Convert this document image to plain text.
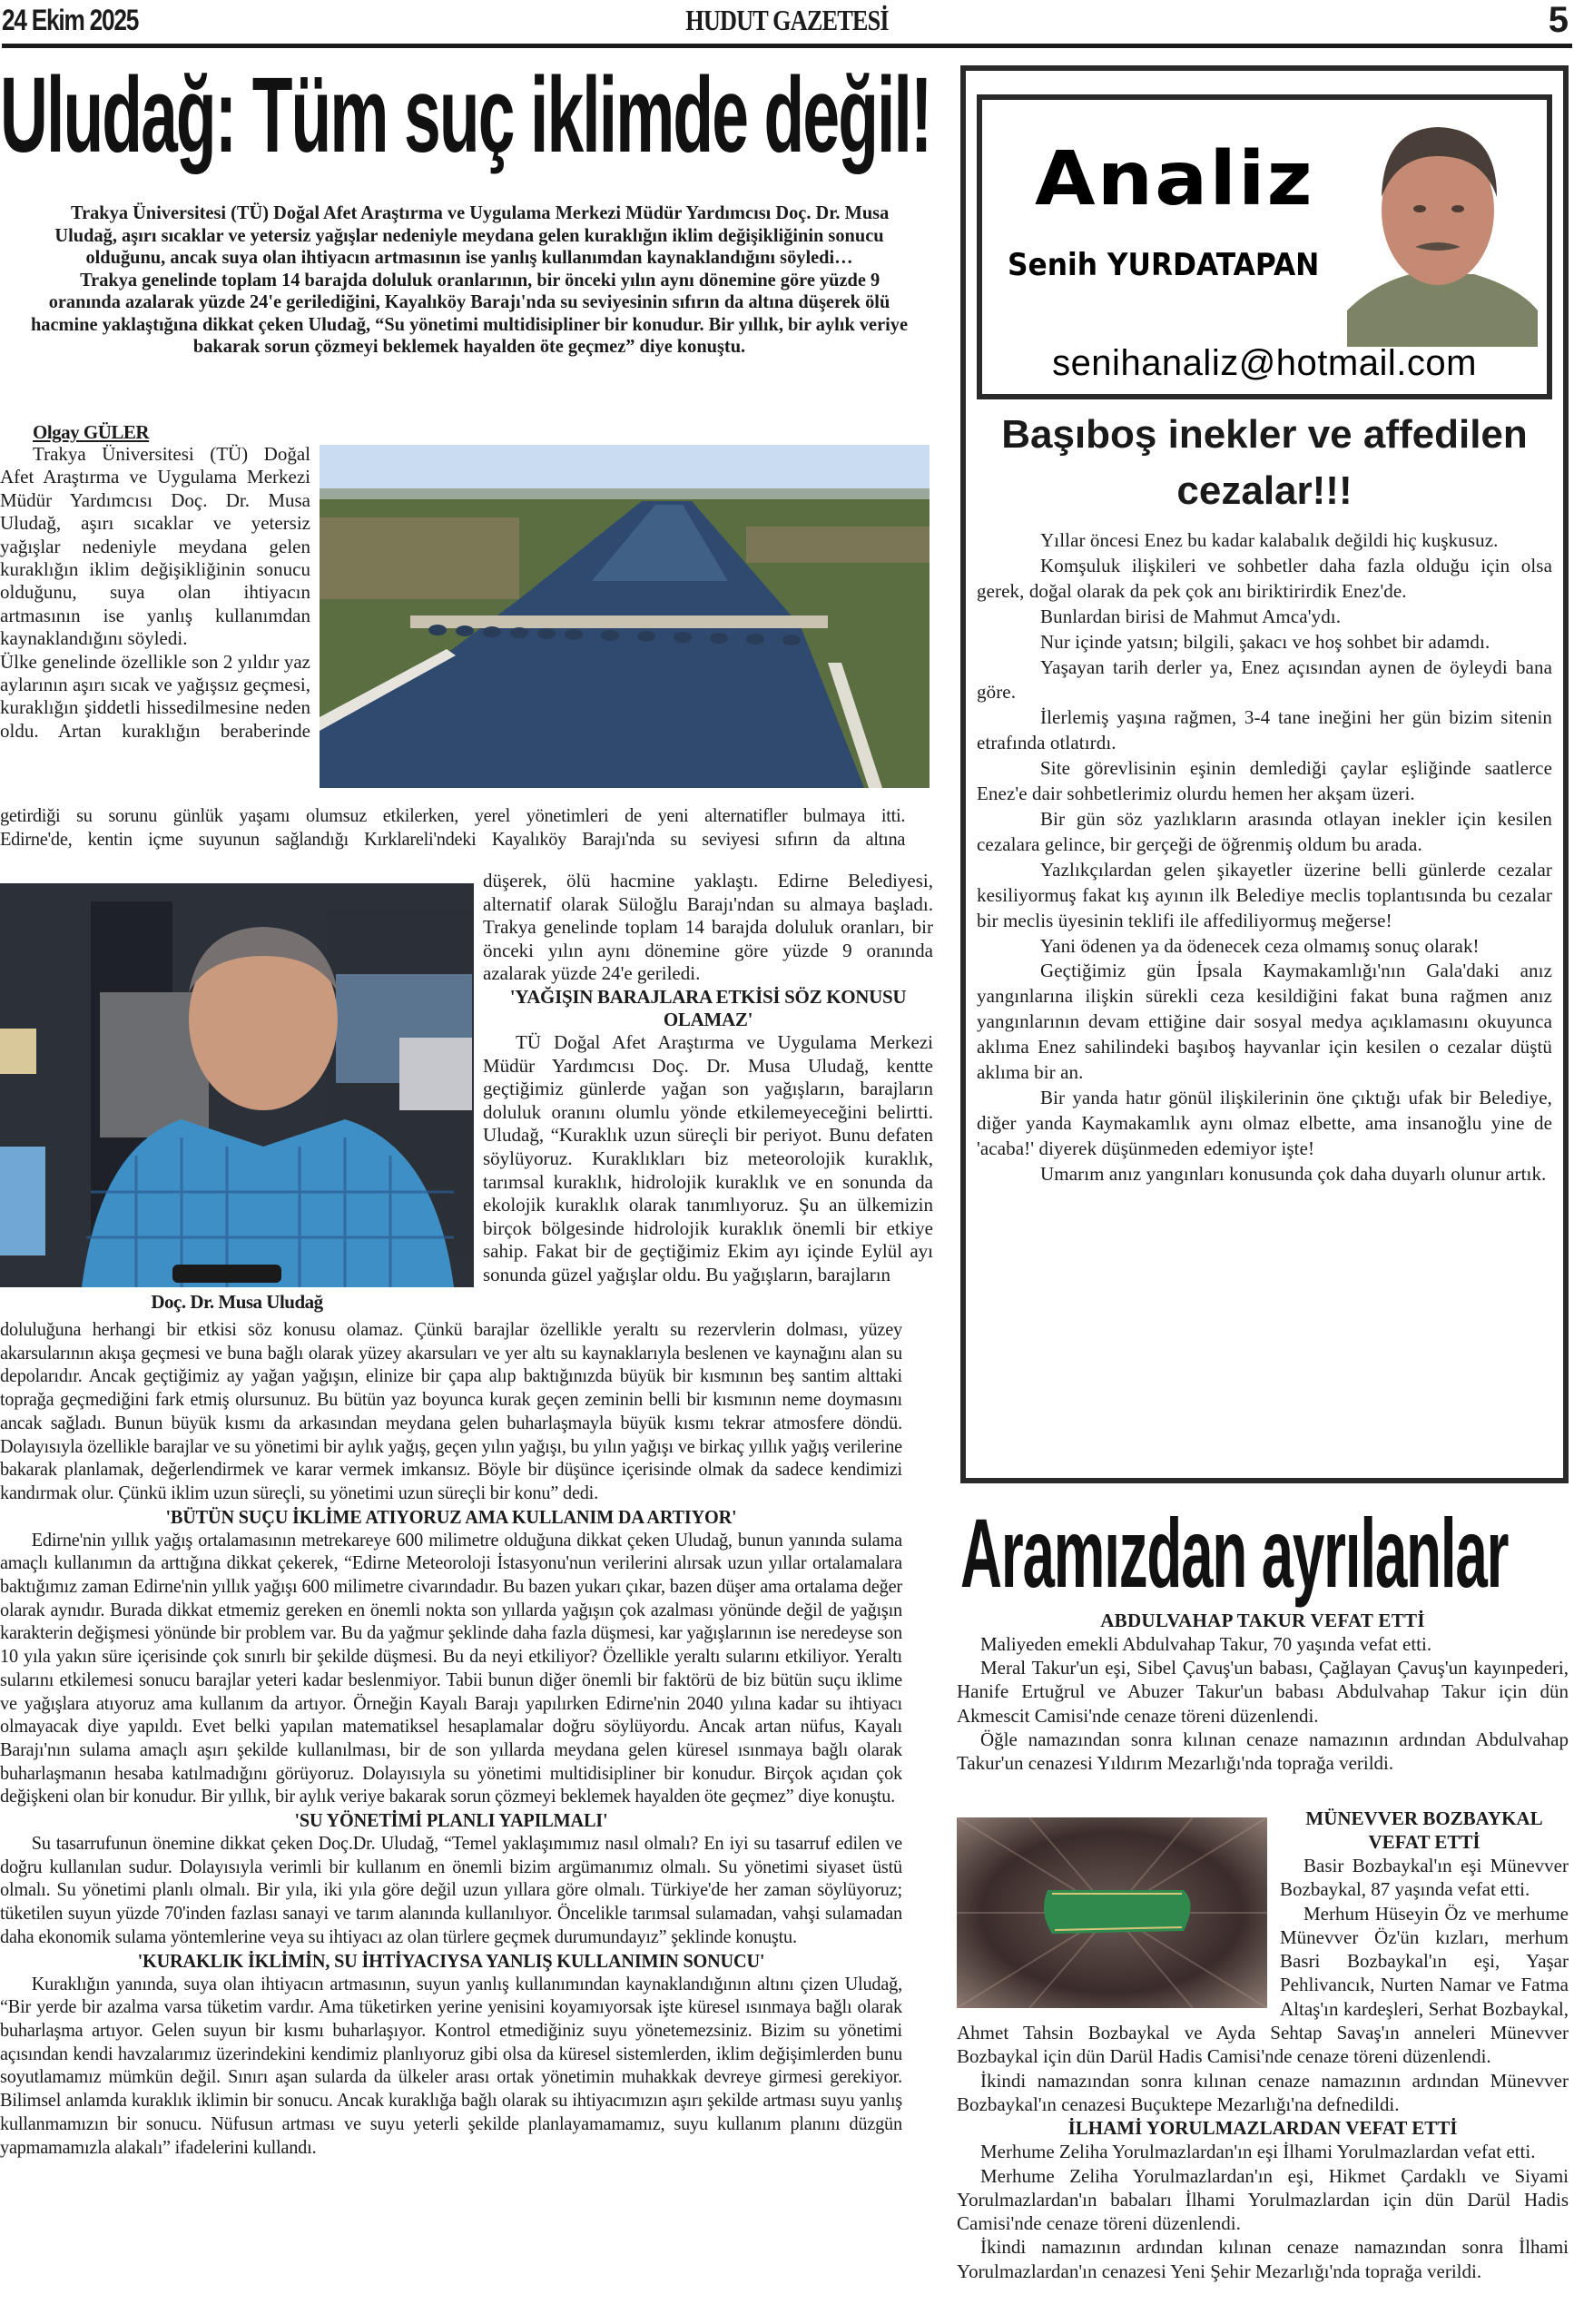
24 Ekim 2025	HUDUT GAZETESİ	5
Uludağ: Tüm suç iklimde değil!

Trakya Üniversitesi (TÜ) Doğal Afet Araştırma ve Uygulama Merkezi Müdür Yardımcısı Doç. Dr. Musa Uludağ, aşırı sıcaklar ve yetersiz yağışlar nedeniyle meydana gelen kuraklığın iklim değişikliğinin sonucu olduğunu, ancak suya olan ihtiyacın artmasının ise yanlış kullanımdan kaynaklandığını söyledi…

Trakya genelinde toplam 14 barajda doluluk oranlarının, bir önceki yılın aynı dönemine göre yüzde 9 oranında azalarak yüzde 24'e gerilediğini, Kayalıköy Barajı'nda su seviyesinin sıfırın da altına düşerek ölü hacmine yaklaştığına dikkat çeken Uludağ, “Su yönetimi multidisipliner bir konudur. Bir yıllık, bir aylık veriye bakarak sorun çözmeyi beklemek hayalden öte geçmez” diye konuştu.

Olgay GÜLER

Trakya Üniversitesi (TÜ) Doğal Afet Araştırma ve Uygulama Merkezi Müdür Yardımcısı Doç. Dr. Musa Uludağ, aşırı sıcaklar ve yetersiz yağışlar nedeniyle meydana gelen kuraklığın iklim değişikliğinin sonucu olduğunu, suya olan ihtiyacın artmasının ise yanlış kullanımdan kaynaklandığını söyledi.

Ülke genelinde özellikle son 2 yıldır yaz aylarının aşırı sıcak ve yağışsız geçmesi, kuraklığın şiddetli hissedilmesine neden oldu. Artan kuraklığın beraberinde

getirdiği su sorunu günlük yaşamı olumsuz etkilerken, yerel yönetimleri de yeni alternatifler bulmaya itti.

Edirne'de, kentin içme suyunun sağlandığı Kırklareli'ndeki Kayalıköy Barajı'nda su seviyesi sıfırın da altına

Doç. Dr. Musa Uludağ

düşerek, ölü hacmine yaklaştı. Edirne Belediyesi, alternatif olarak Süloğlu Barajı'ndan su almaya başladı. Trakya genelinde toplam 14 barajda doluluk oranları, bir önceki yılın aynı dönemine göre yüzde 9 oranında azalarak yüzde 24'e geriledi.

'YAĞIŞIN BARAJLARA ETKİSİ SÖZ KONUSU OLAMAZ'

TÜ Doğal Afet Araştırma ve Uygulama Merkezi Müdür Yardımcısı Doç. Dr. Musa Uludağ, kentte geçtiğimiz günlerde yağan son yağışların, barajların doluluk oranını olumlu yönde etkilemeyeceğini belirtti. Uludağ, “Kuraklık uzun süreçli bir periyot. Bunu defaten söylüyoruz. Kuraklıkları biz meteorolojik kuraklık, tarımsal kuraklık, hidrolojik kuraklık ve en sonunda da ekolojik kuraklık olarak tanımlıyoruz. Şu an ülkemizin birçok bölgesinde hidrolojik kuraklık önemli bir etkiye sahip. Fakat bir de geçtiğimiz Ekim ayı içinde Eylül ayı sonunda güzel yağışlar oldu. Bu yağışların, barajların

doluluğuna herhangi bir etkisi söz konusu olamaz. Çünkü barajlar özellikle yeraltı su rezervlerin dolması, yüzey akarsularının akışa geçmesi ve buna bağlı olarak yüzey akarsuları ve yer altı su kaynaklarıyla beslenen ve kaynağını alan su depolarıdır. Ancak geçtiğimiz ay yağan yağışın, elinize bir çapa alıp baktığınızda büyük bir kısmının beş santim alttaki toprağa geçmediğini fark etmiş olursunuz. Bu bütün yaz boyunca kurak geçen zeminin belli bir kısmının neme doymasını ancak sağladı. Bunun büyük kısmı da arkasından meydana gelen buharlaşmayla büyük kısmı tekrar atmosfere döndü. Dolayısıyla özellikle barajlar ve su yönetimi bir aylık yağış, geçen yılın yağışı, bu yılın yağışı ve birkaç yıllık yağış verilerine bakarak planlamak, değerlendirmek ve karar vermek imkansız. Böyle bir düşünce içerisinde olmak da sadece kendimizi kandırmak olur. Çünkü iklim uzun süreçli, su yönetimi uzun süreçli bir konu” dedi.

'BÜTÜN SUÇU İKLİME ATIYORUZ AMA KULLANIM DA ARTIYOR'

Edirne'nin yıllık yağış ortalamasının metrekareye 600 milimetre olduğuna dikkat çeken Uludağ, bunun yanında sulama amaçlı kullanımın da arttığına dikkat çekerek, “Edirne Meteoroloji İstasyonu'nun verilerini alırsak uzun yıllar ortalamalara baktığımız zaman Edirne'nin yıllık yağışı 600 milimetre civarındadır. Bu bazen yukarı çıkar, bazen düşer ama ortalama değer olarak aynıdır. Burada dikkat etmemiz gereken en önemli nokta son yıllarda yağışın çok azalması yönünde değil de yağışın karakterin değişmesi yönünde bir problem var. Bu da yağmur şeklinde daha fazla düşmesi, kar yağışlarının ise neredeyse son 10 yıla yakın süre içerisinde çok sınırlı bir şekilde düşmesi. Bu da neyi etkiliyor? Özellikle yeraltı sularını etkiliyor. Yeraltı sularını etkilemesi sonucu barajlar yeteri kadar beslenmiyor. Tabii bunun diğer önemli bir faktörü de biz bütün suçu iklime ve yağışlara atıyoruz ama kullanım da artıyor. Örneğin Kayalı Barajı yapılırken Edirne'nin 2040 yılına kadar su ihtiyacı olmayacak diye yapıldı. Evet belki yapılan matematiksel hesaplamalar doğru söylüyordu. Ancak artan nüfus, Kayalı Barajı'nın sulama amaçlı aşırı şekilde kullanılması, bir de son yıllarda meydana gelen küresel ısınmaya bağlı olarak buharlaşmanın hesaba katılmadığını görüyoruz. Dolayısıyla su yönetimi multidisipliner bir konudur. Birçok açıdan çok değişkeni olan bir konudur. Bir yıllık, bir aylık veriye bakarak sorun çözmeyi beklemek hayalden öte geçmez” diye konuştu.

'SU YÖNETİMİ PLANLI YAPILMALI'

Su tasarrufunun önemine dikkat çeken Doç.Dr. Uludağ, “Temel yaklaşımımız nasıl olmalı? En iyi su tasarruf edilen ve doğru kullanılan sudur. Dolayısıyla verimli bir kullanım en önemli bizim argümanımız olmalı. Su yönetimi siyaset üstü olmalı. Su yönetimi planlı olmalı. Bir yıla, iki yıla göre değil uzun yıllara göre olmalı. Türkiye'de her zaman söylüyoruz; tüketilen suyun yüzde 70'inden fazlası sanayi ve tarım alanında kullanılıyor. Öncelikle tarımsal sulamadan, vahşi sulamadan daha ekonomik sulama yöntemlerine veya su ihtiyacı az olan türlere geçmek durumundayız” şeklinde konuştu.

'KURAKLIK İKLİMİN, SU İHTİYACIYSA YANLIŞ KULLANIMIN SONUCU'

Kuraklığın yanında, suya olan ihtiyacın artmasının, suyun yanlış kullanımından kaynaklandığının altını çizen Uludağ, “Bir yerde bir azalma varsa tüketim vardır. Ama tüketirken yerine yenisini koyamıyorsak işte küresel ısınmaya bağlı olarak buharlaşma artıyor. Gelen suyun bir kısmı buharlaşıyor. Kontrol etmediğiniz suyu yönetemezsiniz. Bizim su yönetimi açısından kendi havzalarımız üzerindekini kendimiz planlıyoruz gibi olsa da küresel sistemlerden, iklim değişimlerden bunu soyutlamamız mümkün değil. Sınırı aşan sularda da ülkeler arası ortak yönetimin muhakkak devreye girmesi gerekiyor. Bilimsel anlamda kuraklık iklimin bir sonucu. Ancak kuraklığa bağlı olarak su ihtiyacımızın aşırı şekilde artması suyu yanlış kullanmamızın bir sonucu. Nüfusun artması ve suyu yeterli şekilde planlayamamamız, suyu kullanım planını düzgün yapmamamızla alakalı” ifadelerini kullandı.

Analiz
Senih YURDATAPAN
senihanaliz@hotmail.com
Başıboş inekler ve affedilen cezalar!!!

Yıllar öncesi Enez bu kadar kalabalık değildi hiç kuşkusuz.

Komşuluk ilişkileri ve sohbetler daha fazla olduğu için olsa gerek, doğal olarak da pek çok anı biriktirirdik Enez'de.

Bunlardan birisi de Mahmut Amca'ydı.

Nur içinde yatsın; bilgili, şakacı ve hoş sohbet bir adamdı.

Yaşayan tarih derler ya, Enez açısından aynen de öyleydi bana göre.

İlerlemiş yaşına rağmen, 3-4 tane ineğini her gün bizim sitenin etrafında otlatırdı.

Site görevlisinin eşinin demlediği çaylar eşliğinde saatlerce Enez'e dair sohbetlerimiz olurdu hemen her akşam üzeri.

Bir gün söz yazlıkların arasında otlayan inekler için kesilen cezalara gelince, bir gerçeği de öğrenmiş oldum bu arada.

Yazlıkçılardan gelen şikayetler üzerine belli günlerde cezalar kesiliyormuş fakat kış ayının ilk Belediye meclis toplantısında bu cezalar bir meclis üyesinin teklifi ile affediliyormuş meğerse!

Yani ödenen ya da ödenecek ceza olmamış sonuç olarak!

Geçtiğimiz gün İpsala Kaymakamlığı'nın Gala'daki anız yangınlarına ilişkin sürekli ceza kesildiğini fakat buna rağmen anız yangınlarının devam ettiğine dair sosyal medya açıklamasını okuyunca aklıma Enez sahilindeki başıboş hayvanlar için kesilen o cezalar düştü aklıma bir an.

Bir yanda hatır gönül ilişkilerinin öne çıktığı ufak bir Belediye, diğer yanda Kaymakamlık aynı olmaz elbette, ama insanoğlu yine de 'acaba!' diyerek düşünmeden edemiyor işte!

Umarım anız yangınları konusunda çok daha duyarlı olunur artık.

Aramızdan ayrılanlar
ABDULVAHAP TAKUR VEFAT ETTİ

Maliyeden emekli Abdulvahap Takur, 70 yaşında vefat etti.

Meral Takur'un eşi, Sibel Çavuş'un babası, Çağlayan Çavuş'un kayınpederi, Hanife Ertuğrul ve Abuzer Takur'un babası Abdulvahap Takur için dün Akmescit Camisi'nde cenaze töreni düzenlendi.

Öğle namazından sonra kılınan cenaze namazının ardından Abdulvahap Takur'un cenazesi Yıldırım Mezarlığı'nda toprağa verildi.

MÜNEVVER BOZBAYKAL VEFAT ETTİ

Basir Bozbaykal'ın eşi Münevver Bozbaykal, 87 yaşında vefat etti.

Merhum Hüseyin Öz ve merhume Münevver Öz'ün kızları, merhum Basri Bozbaykal'ın eşi, Yaşar Pehlivancık, Nurten Namar ve Fatma Altaş'ın kardeşleri, Serhat Bozbaykal, Ahmet Tahsin Bozbaykal ve Ayda Sehtap Savaş'ın anneleri Münevver Bozbaykal için dün Darül Hadis Camisi'nde cenaze töreni düzenlendi.

İkindi namazından sonra kılınan cenaze namazının ardından Münevver Bozbaykal'ın cenazesi Buçuktepe Mezarlığı'na defnedildi.

İLHAMİ YORULMAZLARDAN VEFAT ETTİ

Merhume Zeliha Yorulmazlardan'ın eşi İlhami Yorulmazlardan vefat etti.

Merhume Zeliha Yorulmazlardan'ın eşi, Hikmet Çardaklı ve Siyami Yorulmazlardan'ın babaları İlhami Yorulmazlardan için dün Darül Hadis Camisi'nde cenaze töreni düzenlendi.

İkindi namazının ardından kılınan cenaze namazından sonra İlhami Yorulmazlardan'ın cenazesi Yeni Şehir Mezarlığı'nda toprağa verildi.
